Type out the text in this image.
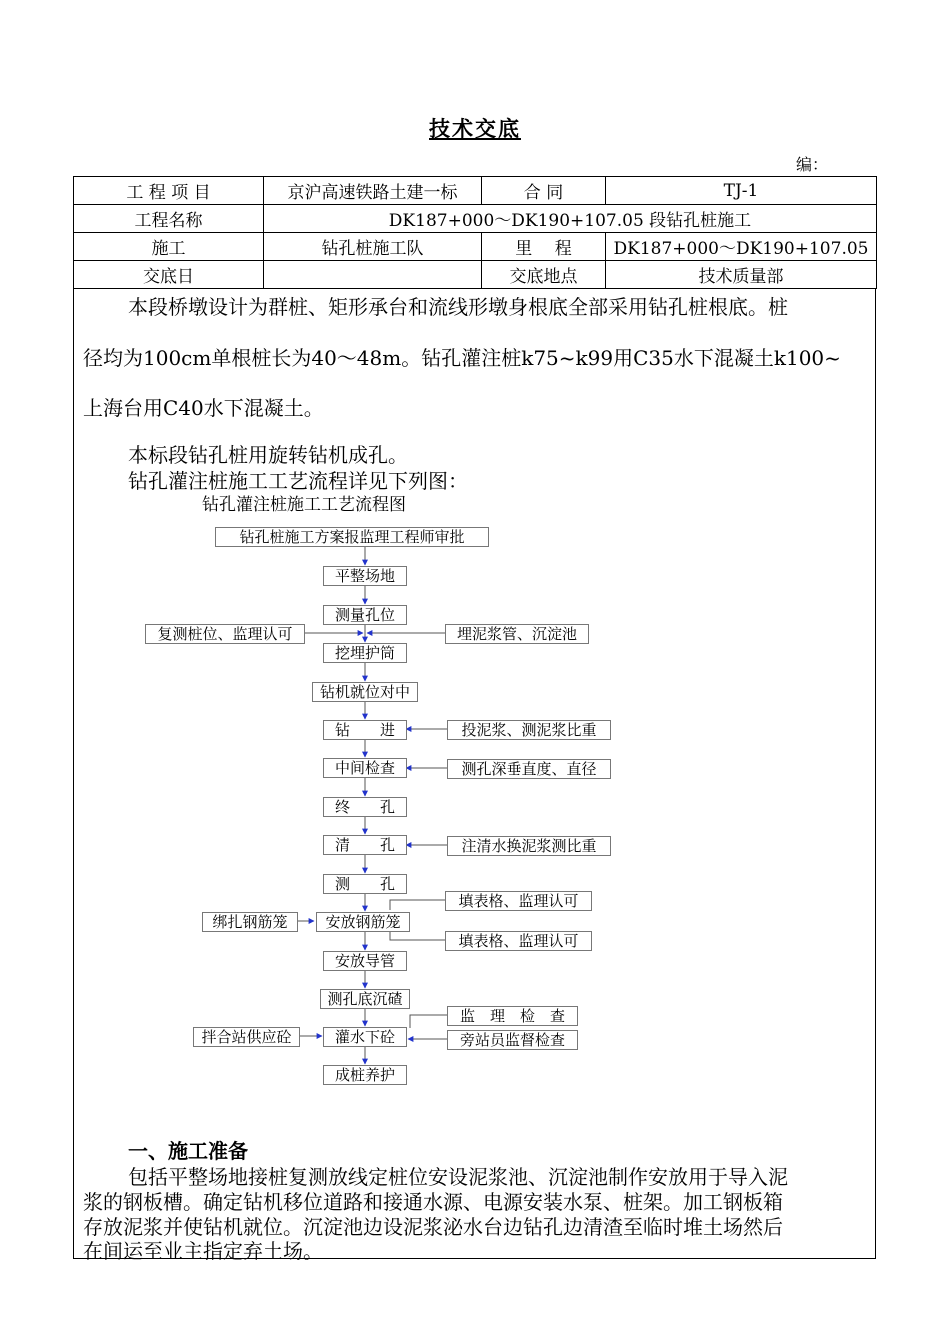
技术交底
编：
工 程 项 目	京沪高速铁路土建一标	合 同	TJ-1
工程名称	DK187+000～DK190+107.05 段钻孔桩施工		
施工	钻孔桩施工队	里　 程	DK187+000～DK190+107.05
交底日		交底地点	技术质量部
本段桥墩设计为群桩、矩形承台和流线形墩身根底全部采用钻孔桩根底。桩
径均为100cm单根桩长为40～48m。钻孔灌注桩k75~k99用C35水下混凝土k100~
上海台用C40水下混凝土。
本标段钻孔桩用旋转钻机成孔。
钻孔灌注桩施工工艺流程详见下列图：
钻孔灌注桩施工工艺流程图
钻孔桩施工方案报监理工程师审批
平整场地
测量孔位
挖埋护筒
钻机就位对中
钻　　进
中间检查
终　　孔
清　　孔
测　　孔
安放钢筋笼
安放导管
测孔底沉碴
灌水下砼
成桩养护
复测桩位、监理认可	埋泥浆管、沉淀池
投泥浆、测泥浆比重
测孔深垂直度、直径
注清水换泥浆测比重
填表格、监理认可
绑扎钢筋笼
填表格、监理认可
监　理　检　查
旁站员监督检查
拌合站供应砼
一、施工准备
包括平整场地接桩复测放线定桩位安设泥浆池、沉淀池制作安放用于导入泥
浆的钢板槽。确定钻机移位道路和接通水源、电源安装水泵、桩架。加工钢板箱
存放泥浆并使钻机就位。沉淀池边设泥浆泌水台边钻孔边清渣至临时堆土场然后
在间运至业主指定弃土场。
